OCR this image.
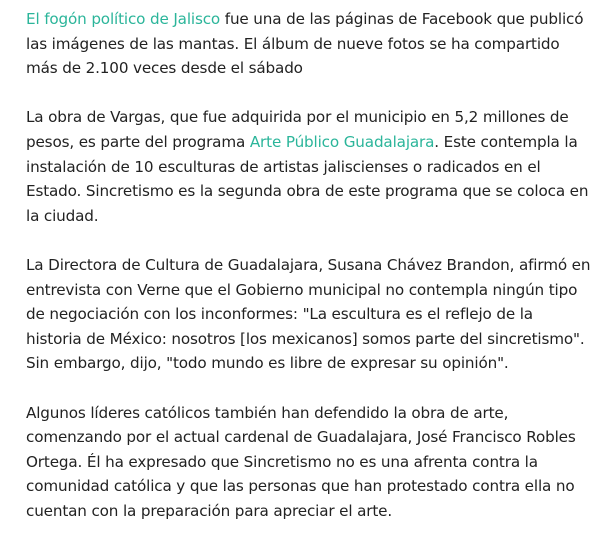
El fogón político de Jalisco fue una de las páginas de Facebook que publicó las imágenes de las mantas. El álbum de nueve fotos se ha compartido más de 2.100 veces desde el sábado

La obra de Vargas, que fue adquirida por el municipio en 5,2 millones de pesos, es parte del programa Arte Público Guadalajara. Este contempla la instalación de 10 esculturas de artistas jaliscienses o radicados en el Estado. Sincretismo es la segunda obra de este programa que se coloca en la ciudad.

La Directora de Cultura de Guadalajara, Susana Chávez Brandon, afirmó en entrevista con Verne que el Gobierno municipal no contempla ningún tipo de negociación con los inconformes: "La escultura es el reflejo de la historia de México: nosotros [los mexicanos] somos parte del sincretismo". Sin embargo, dijo, "todo mundo es libre de expresar su opinión".

Algunos líderes católicos también han defendido la obra de arte, comenzando por el actual cardenal de Guadalajara, José Francisco Robles Ortega. Él ha expresado que Sincretismo no es una afrenta contra la comunidad católica y que las personas que han protestado contra ella no cuentan con la preparación para apreciar el arte.
